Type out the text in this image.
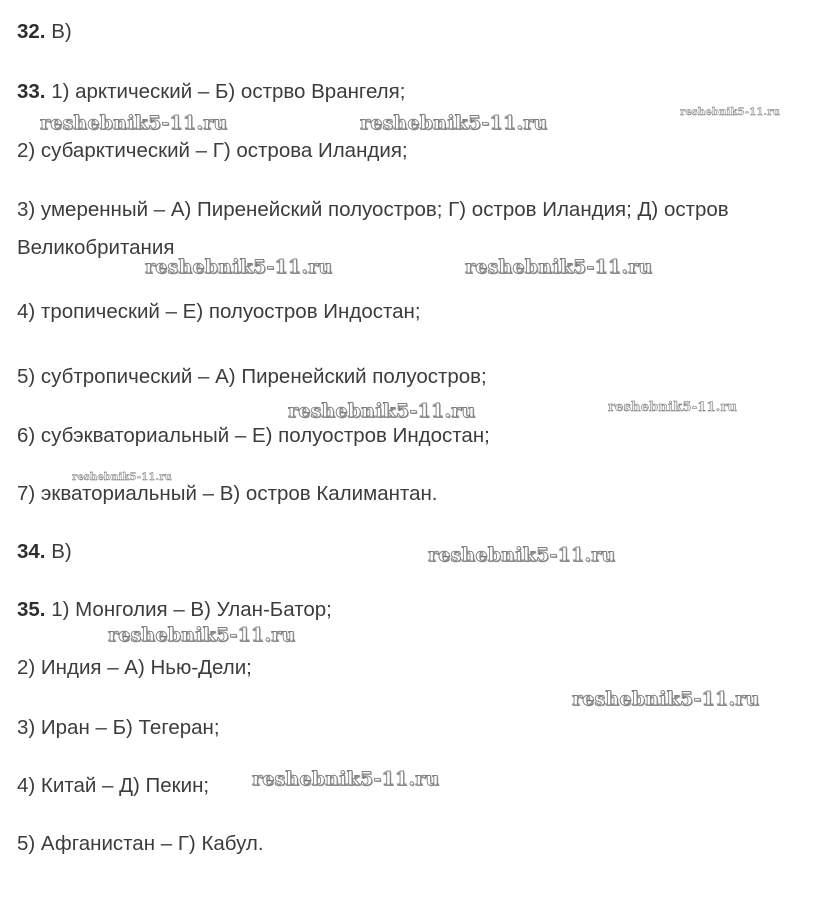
32. В)
33. 1) арктический – Б) острво Врангеля;
2) субарктический – Г) острова Иландия;
3) умеренный – А) Пиренейский полуостров; Г) остров Иландия; Д) остров
Великобритания
4) тропический – Е) полуостров Индостан;
5) субтропический – А) Пиренейский полуостров;
6) субэкваториальный – Е) полуостров Индостан;
7) экваториальный – В) остров Калимантан.
34. В)
35. 1) Монголия – В) Улан-Батор;
2) Индия – А) Нью-Дели;
3) Иран – Б) Тегеран;
4) Китай – Д) Пекин;
5) Афганистан – Г) Кабул.
reshebnik5-11.ru	reshebnik5-11.ru	reshebnik5-11.ru
reshebnik5-11.ru	reshebnik5-11.ru
reshebnik5-11.ru	reshebnik5-11.ru
reshebnik5-11.ru
reshebnik5-11.ru
reshebnik5-11.ru
reshebnik5-11.ru
reshebnik5-11.ru
